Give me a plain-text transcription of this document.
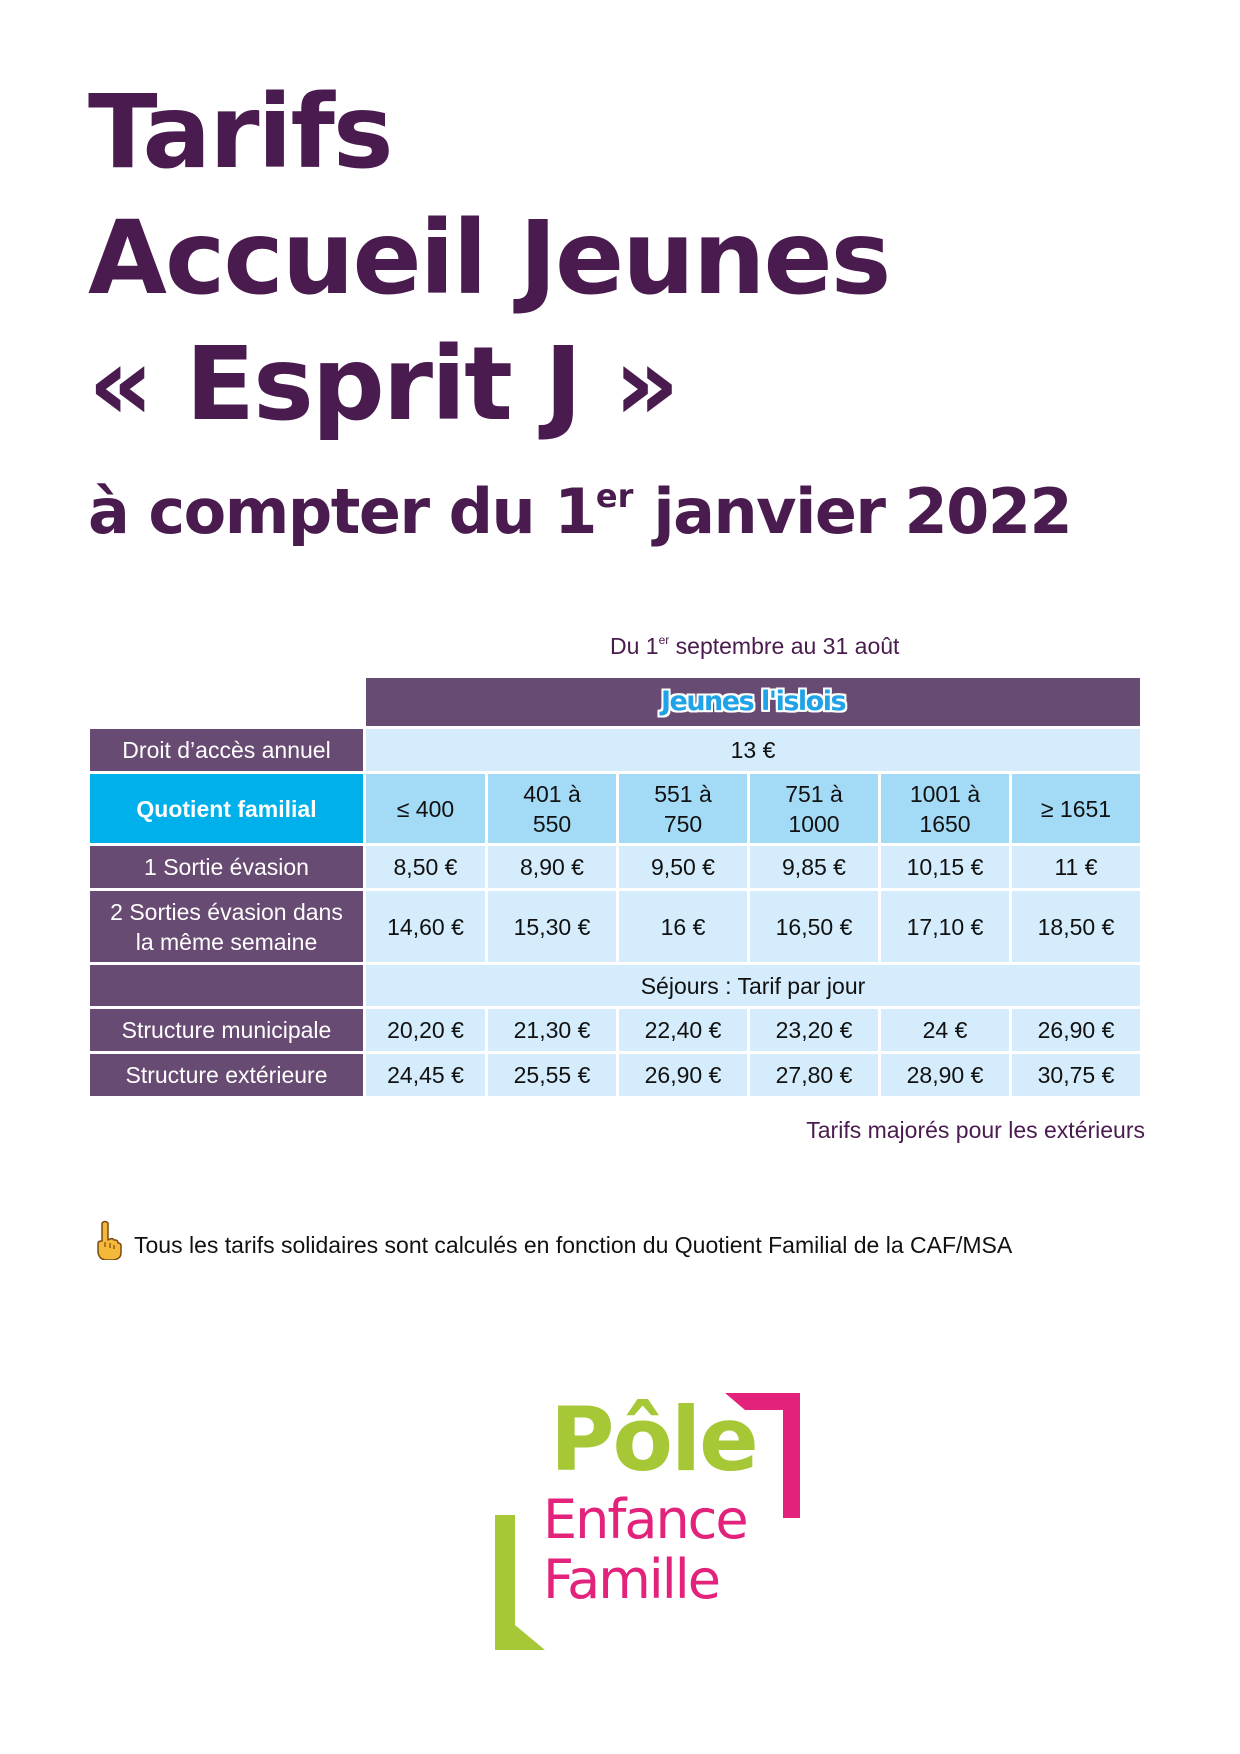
Tarifs
Accueil Jeunes
« Esprit J »
à compter du 1er janvier 2022
Du 1er septembre au 31 août
	Jeunes l'islois					
Droit d’accès annuel	13 €					
Quotient familial	≤ 400	401 à 550	551 à 750	751 à 1000	1001 à 1650	≥ 1651
1 Sortie évasion	8,50 €	8,90 €	9,50 €	9,85 €	10,15 €	11 €

2 Sorties évasion dans la même semaine	14,60 €	15,30 €	16 €	16,50 €	17,10 €	18,50 €
	Séjours : Tarif par jour					
Structure municipale	20,20 €	21,30 €	22,40 €	23,20 €	24 €	26,90 €
Structure extérieure	24,45 €	25,55 €	26,90 €	27,80 €	28,90 €	30,75 €
Tarifs majorés pour les extérieurs
Tous les tarifs solidaires sont calculés en fonction du Quotient Familial de la CAF/MSA
Pôle
Enfance
Famille
